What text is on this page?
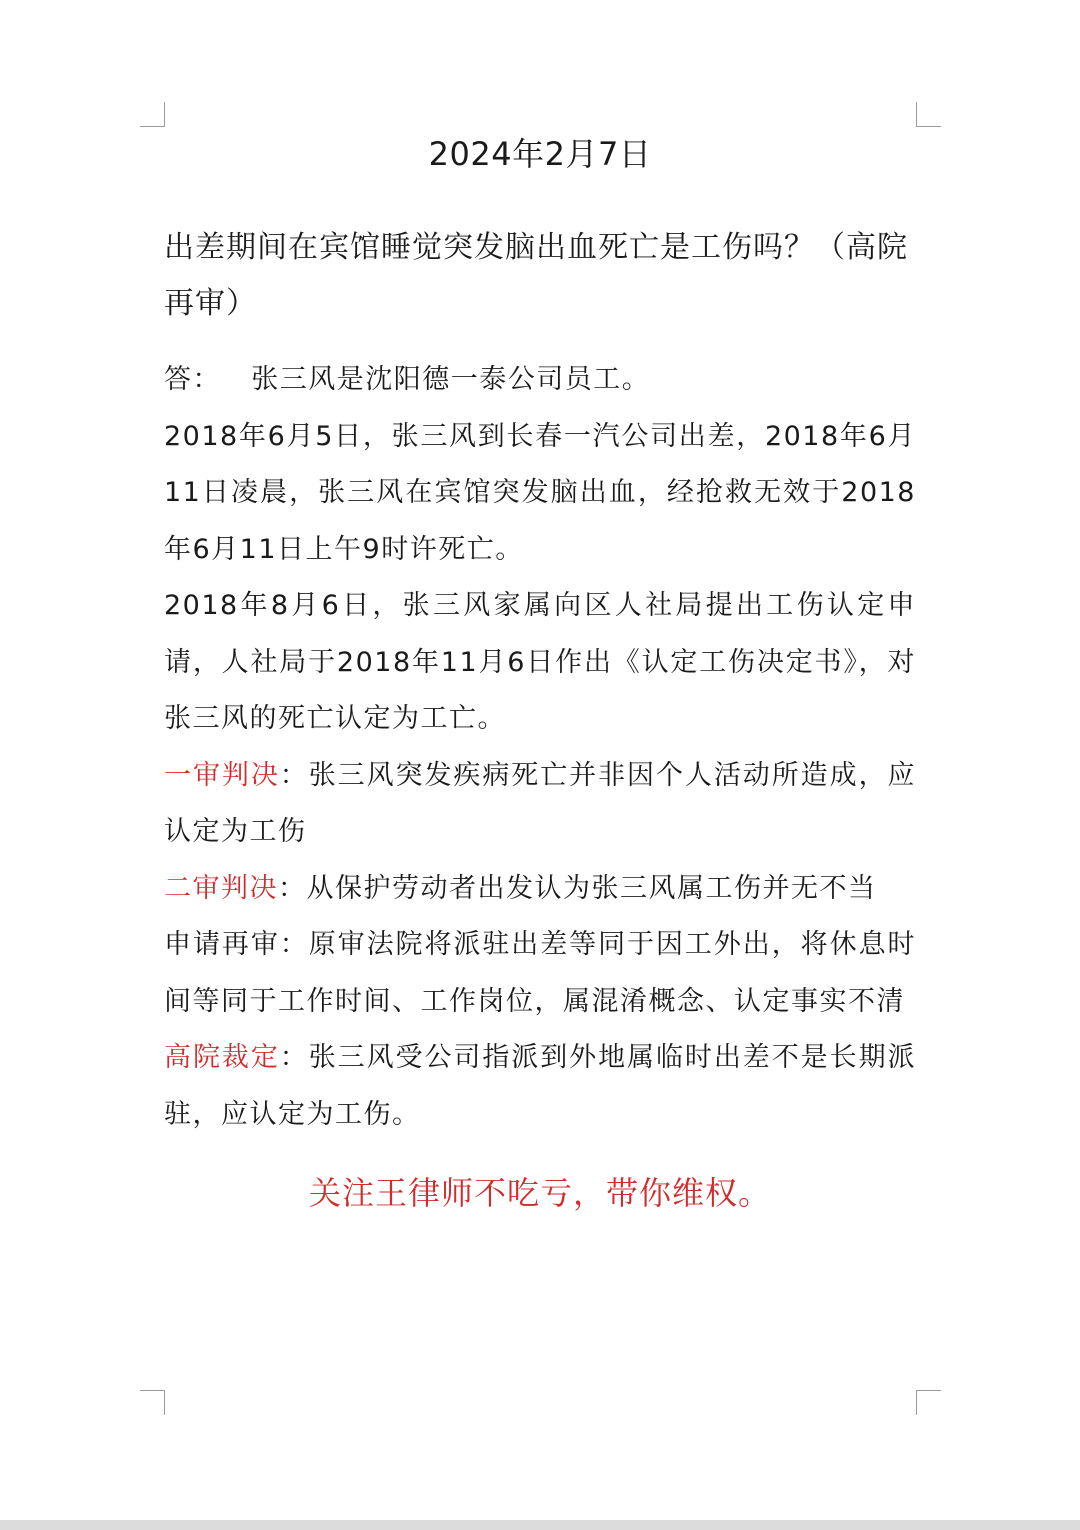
2024年2月7日

出差期间在宾馆睡觉突发脑出血死亡是工伤吗？（高院再审）

答： 张三风是沈阳德一泰公司员工。

2018年6月5日，张三风到长春一汽公司出差，2018年6月11日凌晨，张三风在宾馆突发脑出血，经抢救无效于2018年6月11日上午9时许死亡。

2018年8月6日，张三风家属向区人社局提出工伤认定申请，人社局于2018年11月6日作出《认定工伤决定书》，对张三风的死亡认定为工亡。

一审判决：张三风突发疾病死亡并非因个人活动所造成，应认定为工伤

二审判决：从保护劳动者出发认为张三风属工伤并无不当

申请再审：原审法院将派驻出差等同于因工外出，将休息时间等同于工作时间、工作岗位，属混淆概念、认定事实不清

高院裁定：张三风受公司指派到外地属临时出差不是长期派驻，应认定为工伤。

关注王律师不吃亏，带你维权。
